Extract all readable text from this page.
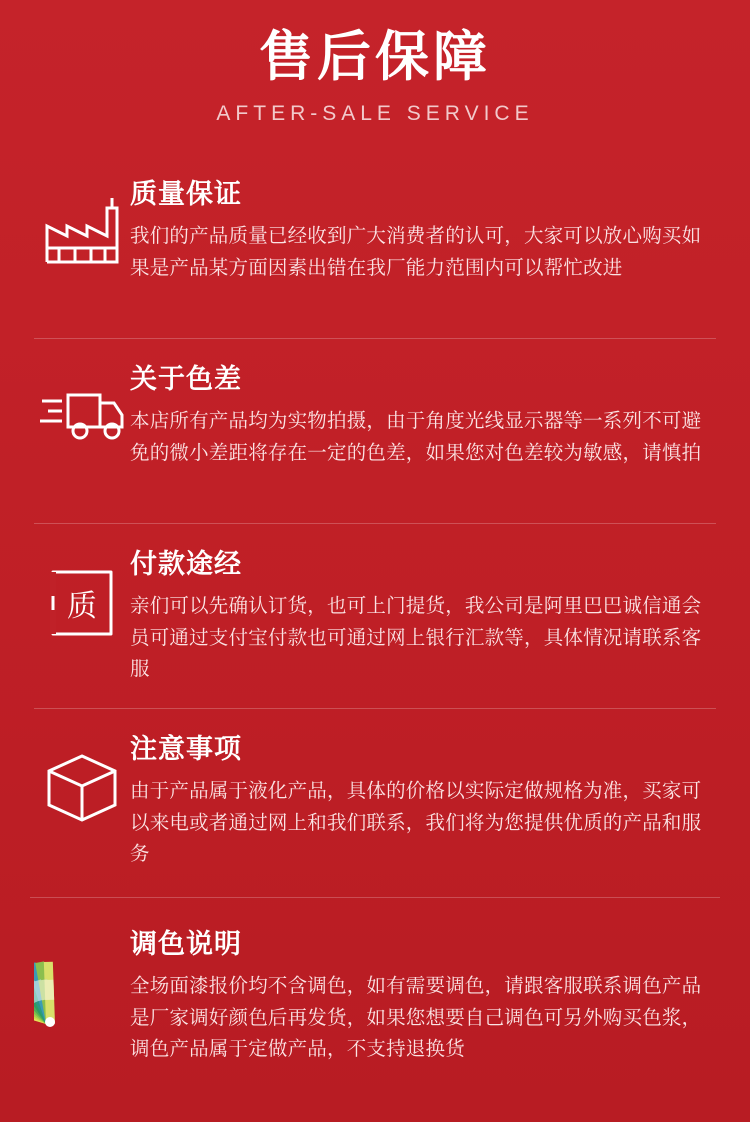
售后保障
AFTER-SALE SERVICE
质量保证
我们的产品质量已经收到广大消费者的认可，大家可以放心购买如果是产品某方面因素出错在我厂能力范围内可以帮忙改进
关于色差
本店所有产品均为实物拍摄，由于角度光线显示器等一系列不可避免的微小差距将存在一定的色差，如果您对色差较为敏感，请慎拍
质
付款途经
亲们可以先确认订货，也可上门提货，我公司是阿里巴巴诚信通会员可通过支付宝付款也可通过网上银行汇款等，具体情况请联系客服
注意事项
由于产品属于液化产品，具体的价格以实际定做规格为准，买家可以来电或者通过网上和我们联系，我们将为您提供优质的产品和服务
调色说明
全场面漆报价均不含调色，如有需要调色，请跟客服联系调色产品是厂家调好颜色后再发货，如果您想要自己调色可另外购买色浆，调色产品属于定做产品，不支持退换货
